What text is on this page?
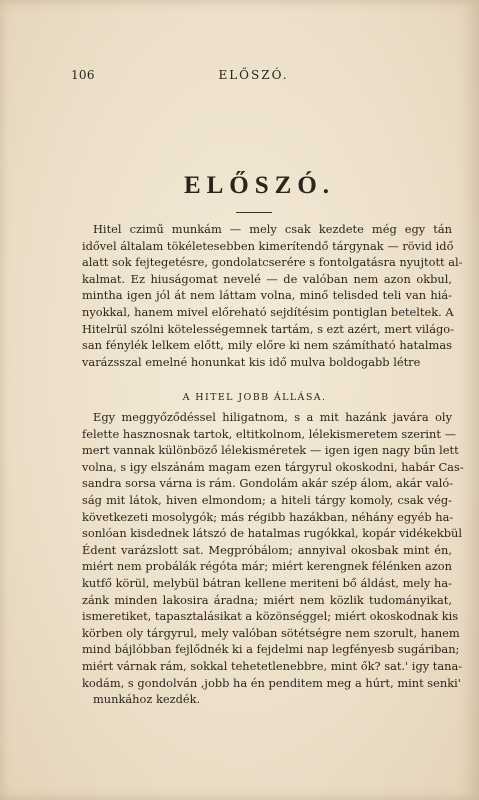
106	ELŐSZÓ.
ELŐSZÓ.
Hitel czimű munkám — mely csak kezdete még egy tán
idővel általam tökéletesebben kimerítendő tárgynak — rövid idő
alatt sok fejtegetésre, gondolatcserére s fontolgatásra nyujtott al-
kalmat. Ez hiuságomat nevelé — de valóban nem azon okbul,
mintha igen jól át nem láttam volna, minő telisded teli van hiá-
nyokkal, hanem mivel előreható sejdítésim pontiglan beteltek. A
Hitelrül szólni kötelességemnek tartám, s ezt azért, mert világo-
san fénylék lelkem előtt, mily előre ki nem számítható hatalmas
varázsszal emelné honunkat kis idő mulva boldogabb létre
A HITEL JOBB ÁLLÁSA.
Egy meggyőződéssel hiligatnom, s a mit hazánk javára oly
felette hasznosnak tartok, eltitkolnom, lélekismeretem szerint —
mert vannak különböző lélekisméretek — igen igen nagy bűn lett
volna, s igy elszánám magam ezen tárgyrul okoskodni, habár Cas-
sandra sorsa várna is rám. Gondolám akár szép álom, akár való-
ság mit látok, hiven elmondom; a hiteli tárgy komoly, csak vég-
következeti mosolygók; más régibb hazákban, néhány egyéb ha-
sonlóan kisdednek látszó de hatalmas rugókkal, kopár vidékekbül
Édent varázslott sat. Megpróbálom; annyival okosbak mint én,
miért nem probálák régóta már; miért kerengnek félénken azon
kutfő körül, melybül bátran kellene meriteni bő áldást, mely ha-
zánk minden lakosira áradna; miért nem közlik tudományikat,
ismeretiket, tapasztalásikat a közönséggel; miért okoskodnak kis
körben oly tárgyrul, mely valóban sötétségre nem szorult, hanem
mind bájlóbban fejlődnék ki a fejdelmi nap legfényesb sugáriban;
miért várnak rám, sokkal tehetetlenebbre, mint ők? sat.' igy tana-
kodám, s gondolván ,jobb ha én penditem meg a húrt, mint senki'
munkához kezdék.
